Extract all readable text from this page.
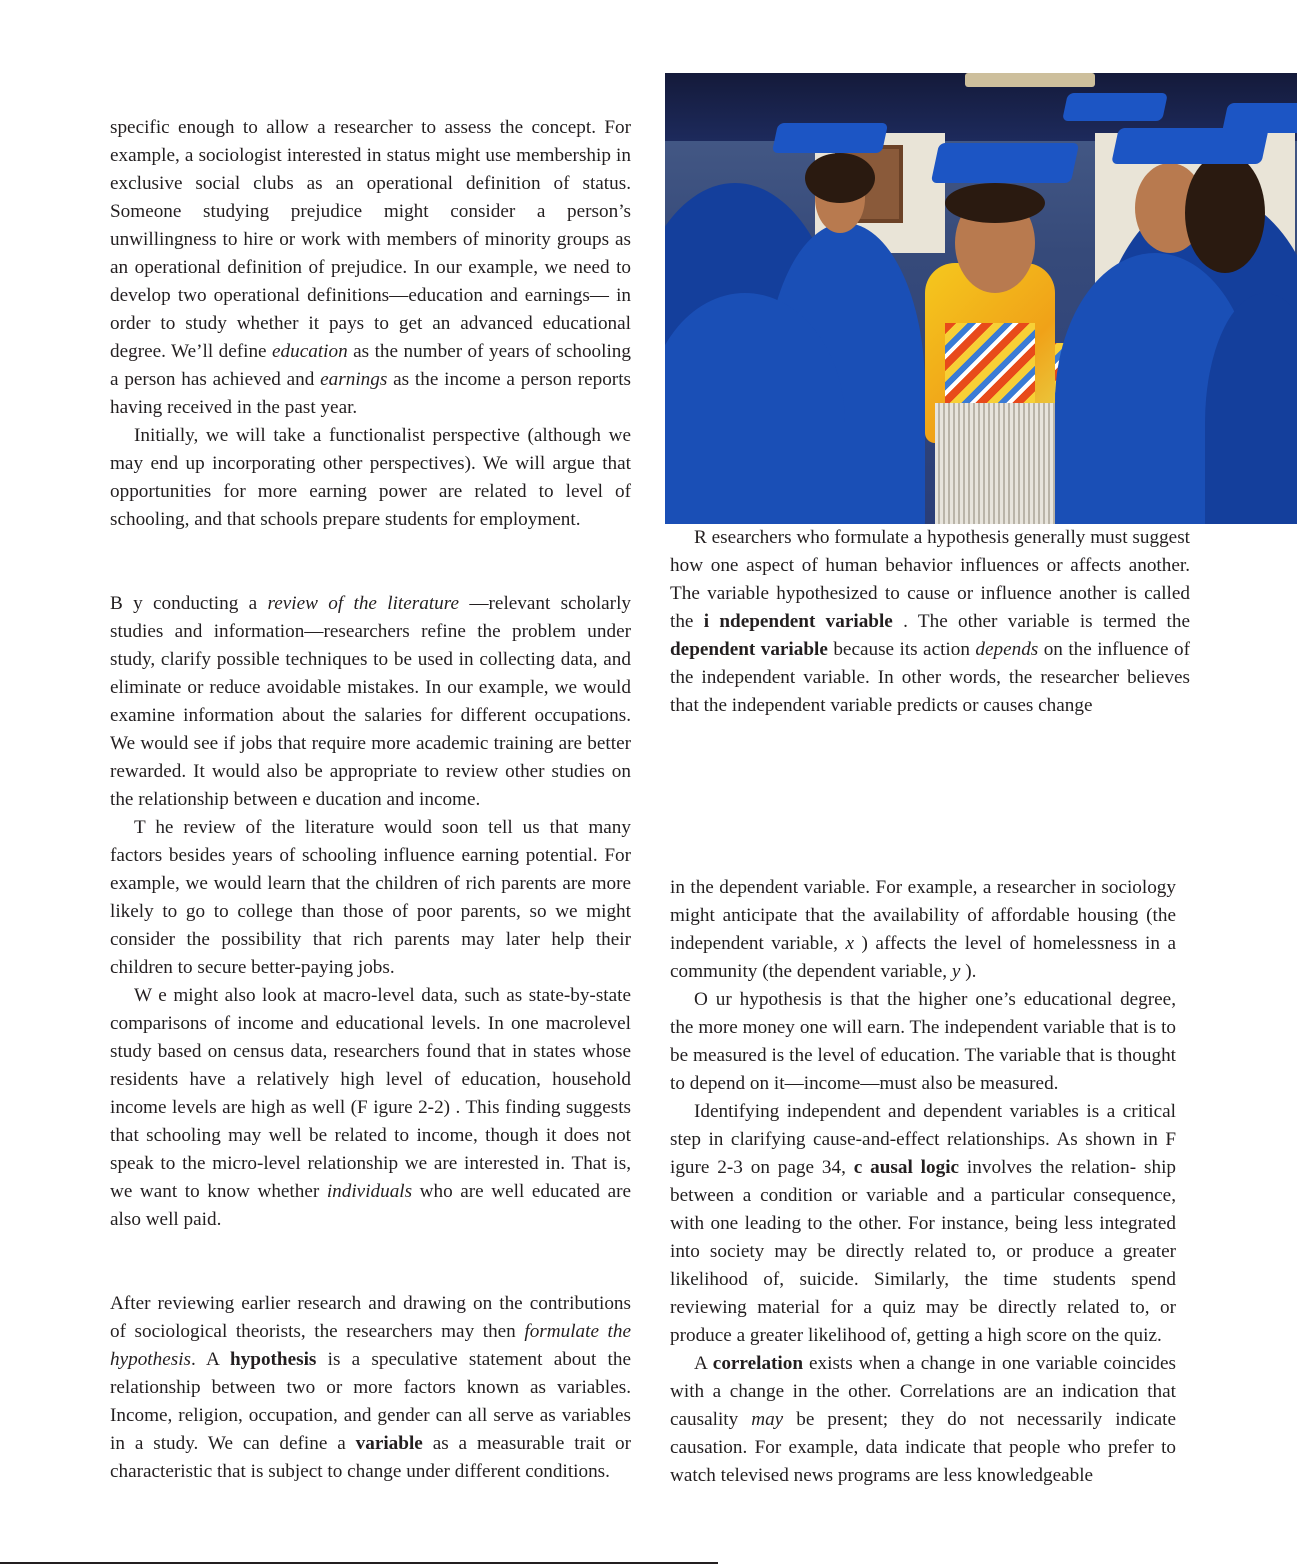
specific enough to allow a researcher to assess the concept. For example, a sociologist interested in status might use membership in exclusive social clubs as an operational definition of status. Someone studying prejudice might consider a person’s unwillingness to hire or work with members of minority groups as an operational definition of prejudice. In our example, we need to develop two operational definitions—education and earnings— in order to study whether it pays to get an advanced educational degree. We’ll define education as the number of years of schooling a person has achieved and earnings as the income a person reports having received in the past year.

Initially, we will take a functionalist perspective (although we may end up incorporating other perspectives). We will argue that opportunities for more earning power are related to level of schooling, and that schools prepare students for employment.

B y conducting a review of the literature —relevant scholarly studies and information—researchers refine the problem under study, clarify possible techniques to be used in collecting data, and eliminate or reduce avoidable mistakes. In our example, we would examine information about the salaries for different occupations. We would see if jobs that require more academic training are better rewarded. It would also be appropriate to review other studies on the relationship between e ducation and income.

T he review of the literature would soon tell us that many factors besides years of schooling influence earning potential. For example, we would learn that the children of rich parents are more likely to go to college than those of poor parents, so we might consider the possibility that rich parents may later help their children to secure better-paying jobs.

W e might also look at macro-level data, such as state-by-state comparisons of income and educational levels. In one macrolevel study based on census data, researchers found that in states whose residents have a relatively high level of education, household income levels are high as well (F igure 2-2) . This finding suggests that schooling may well be related to income, though it does not speak to the micro-level relationship we are interested in. That is, we want to know whether individuals who are well educated are also well paid.

After reviewing earlier research and drawing on the contributions of sociological theorists, the researchers may then formulate the hypothesis. A hypothesis is a speculative statement about the relationship between two or more factors known as variables. Income, religion, occupation, and gender can all serve as variables in a study. We can define a variable as a measurable trait or characteristic that is subject to change under different conditions.

R esearchers who formulate a hypothesis generally must suggest how one aspect of human behavior influences or affects another. The variable hypothesized to cause or influence another is called the i ndependent variable . The other variable is termed the dependent variable because its action depends on the influence of the independent variable. In other words, the researcher believes that the independent variable predicts or causes change

in the dependent variable. For example, a researcher in sociology might anticipate that the availability of affordable housing (the independent variable, x ) affects the level of homelessness in a community (the dependent variable, y ).

O ur hypothesis is that the higher one’s educational degree, the more money one will earn. The independent variable that is to be measured is the level of education. The variable that is thought to depend on it—income—must also be measured.

Identifying independent and dependent variables is a critical step in clarifying cause-and-effect relationships. As shown in F igure 2-3 on page 34, c ausal logic involves the relation- ship between a condition or variable and a particular consequence, with one leading to the other. For instance, being less integrated into society may be directly related to, or produce a greater likelihood of, suicide. Similarly, the time students spend reviewing material for a quiz may be directly related to, or produce a greater likelihood of, getting a high score on the quiz.

A correlation exists when a change in one variable coincides with a change in the other. Correlations are an indication that causality may be present; they do not necessarily indicate causation. For example, data indicate that people who prefer to watch televised news programs are less knowledgeable
